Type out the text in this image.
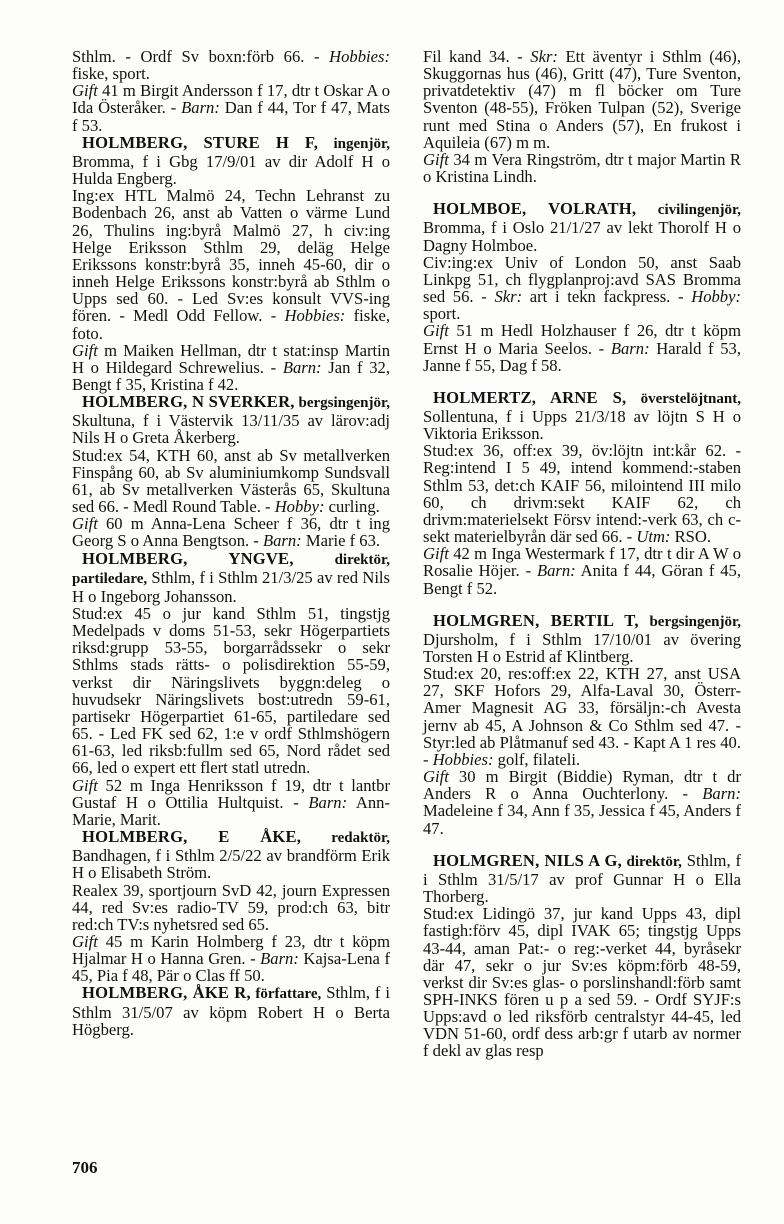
Sthlm. - Ordf Sv boxn:förb 66. - Hobbies: fiske, sport.

Gift 41 m Birgit Andersson f 17, dtr t Oskar A o Ida Österåker. - Barn: Dan f 44, Tor f 47, Mats f 53.

HOLMBERG, STURE H F, ingenjör, Bromma, f i Gbg 17/9/01 av dir Adolf H o Hulda Engberg.

Ing:ex HTL Malmö 24, Techn Lehranst zu Bodenbach 26, anst ab Vatten o värme Lund 26, Thulins ing:byrå Malmö 27, h civ:ing Helge Eriksson Sthlm 29, deläg Helge Erikssons konstr:byrå 35, inneh 45-60, dir o inneh Helge Erikssons konstr:byrå ab Sthlm o Upps sed 60. - Led Sv:es konsult VVS-ing fören. - Medl Odd Fellow. - Hobbies: fiske, foto.

Gift m Maiken Hellman, dtr t stat:insp Martin H o Hildegard Schrewelius. - Barn: Jan f 32, Bengt f 35, Kristina f 42.

HOLMBERG, N SVERKER, bergsingenjör, Skultuna, f i Västervik 13/11/35 av lärov:adj Nils H o Greta Åkerberg.

Stud:ex 54, KTH 60, anst ab Sv metallverken Finspång 60, ab Sv aluminiumkomp Sundsvall 61, ab Sv metallverken Västerås 65, Skultuna sed 66. - Medl Round Table. - Hobby: curling.

Gift 60 m Anna-Lena Scheer f 36, dtr t ing Georg S o Anna Bengtson. - Barn: Marie f 63.

HOLMBERG, YNGVE, direktör, partiledare, Sthlm, f i Sthlm 21/3/25 av red Nils H o Ingeborg Johansson.

Stud:ex 45 o jur kand Sthlm 51, tingstjg Medelpads v doms 51-53, sekr Högerpartiets riksd:grupp 53-55, borgarrådssekr o sekr Sthlms stads rätts- o polisdirektion 55-59, verkst dir Näringslivets byggn:deleg o huvudsekr Näringslivets bost:utredn 59-61, partisekr Högerpartiet 61-65, partiledare sed 65. - Led FK sed 62, 1:e v ordf Sthlmshögern 61-63, led riksb:fullm sed 65, Nord rådet sed 66, led o expert ett flert statl utredn.

Gift 52 m Inga Henriksson f 19, dtr t lantbr Gustaf H o Ottilia Hultquist. - Barn: Ann-Marie, Marit.

HOLMBERG, E ÅKE, redaktör, Bandhagen, f i Sthlm 2/5/22 av brandförm Erik H o Elisabeth Ström.

Realex 39, sportjourn SvD 42, journ Expressen 44, red Sv:es radio-TV 59, prod:ch 63, bitr red:ch TV:s nyhetsred sed 65.

Gift 45 m Karin Holmberg f 23, dtr t köpm Hjalmar H o Hanna Gren. - Barn: Kajsa-Lena f 45, Pia f 48, Pär o Clas ff 50.

HOLMBERG, ÅKE R, författare, Sthlm, f i Sthlm 31/5/07 av köpm Robert H o Berta Högberg.

Fil kand 34. - Skr: Ett äventyr i Sthlm (46), Skuggornas hus (46), Gritt (47), Ture Sventon, privatdetektiv (47) m fl böcker om Ture Sventon (48-55), Fröken Tulpan (52), Sverige runt med Stina o Anders (57), En frukost i Aquileia (67) m m.

Gift 34 m Vera Ringström, dtr t major Martin R o Kristina Lindh.

HOLMBOE, VOLRATH, civilingenjör, Bromma, f i Oslo 21/1/27 av lekt Thorolf H o Dagny Holmboe.

Civ:ing:ex Univ of London 50, anst Saab Linkpg 51, ch flygplanproj:avd SAS Bromma sed 56. - Skr: art i tekn fackpress. - Hobby: sport.

Gift 51 m Hedl Holzhauser f 26, dtr t köpm Ernst H o Maria Seelos. - Barn: Harald f 53, Janne f 55, Dag f 58.

HOLMERTZ, ARNE S, överstelöjtnant, Sollentuna, f i Upps 21/3/18 av löjtn S H o Viktoria Eriksson.

Stud:ex 36, off:ex 39, öv:löjtn int:kår 62. - Reg:intend I 5 49, intend kommend:-staben Sthlm 53, det:ch KAIF 56, milointend III milo 60, ch drivm:sekt KAIF 62, ch drivm:materielsekt Försv intend:-verk 63, ch c-sekt materielbyrån där sed 66. - Utm: RSO.

Gift 42 m Inga Westermark f 17, dtr t dir A W o Rosalie Höjer. - Barn: Anita f 44, Göran f 45, Bengt f 52.

HOLMGREN, BERTIL T, bergsingenjör, Djursholm, f i Sthlm 17/10/01 av övering Torsten H o Estrid af Klintberg.

Stud:ex 20, res:off:ex 22, KTH 27, anst USA 27, SKF Hofors 29, Alfa-Laval 30, Österr-Amer Magnesit AG 33, försäljn:-ch Avesta jernv ab 45, A Johnson & Co Sthlm sed 47. - Styr:led ab Plåtmanuf sed 43. - Kapt A 1 res 40. - Hobbies: golf, filateli.

Gift 30 m Birgit (Biddie) Ryman, dtr t dr Anders R o Anna Ouchterlony. - Barn: Madeleine f 34, Ann f 35, Jessica f 45, Anders f 47.

HOLMGREN, NILS A G, direktör, Sthlm, f i Sthlm 31/5/17 av prof Gunnar H o Ella Thorberg.

Stud:ex Lidingö 37, jur kand Upps 43, dipl fastigh:förv 45, dipl IVAK 65; tingstjg Upps 43-44, aman Pat:- o reg:-verket 44, byråsekr där 47, sekr o jur Sv:es köpm:förb 48-59, verkst dir Sv:es glas- o porslinshandl:förb samt SPH-INKS fören u p a sed 59. - Ordf SYJF:s Upps:avd o led riksförb centralstyr 44-45, led VDN 51-60, ordf dess arb:gr f utarb av normer f dekl av glas resp

706
